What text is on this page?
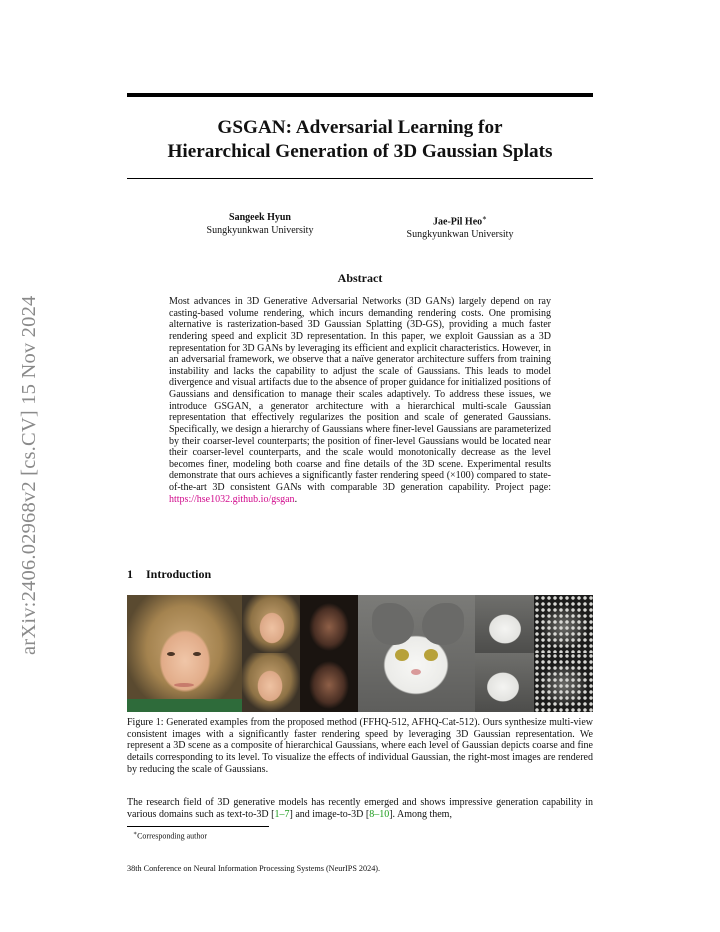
arXiv:2406.02968v2 [cs.CV] 15 Nov 2024
GSGAN: Adversarial Learning for
Hierarchical Generation of 3D Gaussian Splats
Sangeek Hyun
Sungkyunkwan University
Jae-Pil Heo∗
Sungkyunkwan University
Abstract
Most advances in 3D Generative Adversarial Networks (3D GANs) largely depend on ray casting-based volume rendering, which incurs demanding rendering costs. One promising alternative is rasterization-based 3D Gaussian Splatting (3D-GS), providing a much faster rendering speed and explicit 3D representation. In this paper, we exploit Gaussian as a 3D representation for 3D GANs by leveraging its efficient and explicit characteristics. However, in an adversarial framework, we observe that a naïve generator architecture suffers from training instability and lacks the capability to adjust the scale of Gaussians. This leads to model divergence and visual artifacts due to the absence of proper guidance for initialized positions of Gaussians and densification to manage their scales adaptively. To address these issues, we introduce GSGAN, a generator architecture with a hierarchical multi-scale Gaussian representation that effectively regularizes the position and scale of generated Gaussians. Specifically, we design a hierarchy of Gaussians where finer-level Gaussians are parameterized by their coarser-level counterparts; the position of finer-level Gaussians would be located near their coarser-level counterparts, and the scale would monotonically decrease as the level becomes finer, modeling both coarse and fine details of the 3D scene. Experimental results demonstrate that ours achieves a significantly faster rendering speed (×100) compared to state-of-the-art 3D consistent GANs with comparable 3D generation capability. Project page: https://hse1032.github.io/gsgan.
1 Introduction
Figure 1: Generated examples from the proposed method (FFHQ-512, AFHQ-Cat-512). Ours synthesize multi-view consistent images with a significantly faster rendering speed by leveraging 3D Gaussian representation. We represent a 3D scene as a composite of hierarchical Gaussians, where each level of Gaussian depicts coarse and fine details corresponding to its level. To visualize the effects of individual Gaussian, the right-most images are rendered by reducing the scale of Gaussians.
The research field of 3D generative models has recently emerged and shows impressive generation capability in various domains such as text-to-3D [1–7] and image-to-3D [8–10]. Among them,
∗Corresponding author
38th Conference on Neural Information Processing Systems (NeurIPS 2024).
